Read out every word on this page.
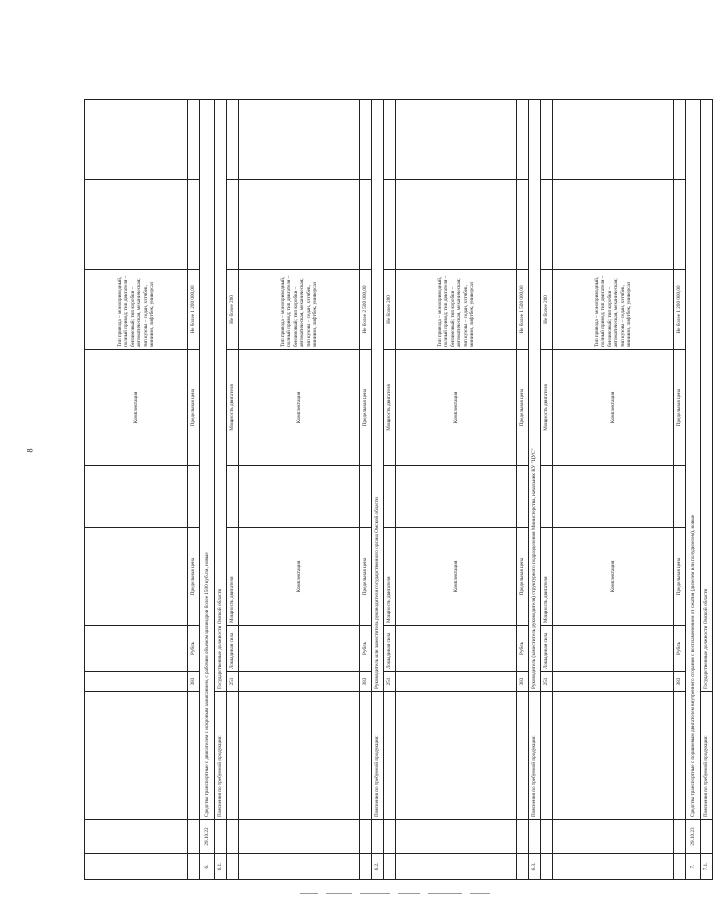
8
							Комплектация	Тип привода – моноприводный, полный привод; тип двигателя – бензиновый; тип коробки – автоматическая, механическая; тип кузова – седан, хэтчбек, минивэн, лифтбек, универсал		
			383	Рубль	Предельная цена		Предельная цена	Не более 1 200 000,00		
6.	29.10.22	Средства транспортные с двигателем с искровым зажиганием, с рабочим объемом цилиндров более 1500 куб.см, новые								
6.1.		Пояснения по требуемой продукции:	Государственные должности Омской области							
			251	Лошадиная сила	Мощность двигателя		Мощность двигателя	Не более 200		
					Комплектация		Комплектация	Тип привода – моноприводный, полный привод; тип двигателя – бензиновый; тип коробки – автоматическая, механическая; тип кузова – седан, хэтчбек, минивэн, лифтбек, универсал		
			383	Рубль	Предельная цена		Предельная цена	Не более 2 500 000,00		
6.2.		Пояснения по требуемой продукции:	Руководитель или заместитель руководителя государственного органа Омской области							
			251	Лошадиная сила	Мощность двигателя		Мощность двигателя	Не более 200		
					Комплектация		Комплектация	Тип привода – моноприводный, полный привод; тип двигателя – бензиновый; тип коробки – автоматическая, механическая; тип кузова – седан, хэтчбек, минивэн, лифтбек, универсал		
			383	Рубль	Предельная цена		Предельная цена	Не более 1 500 000,00		
6.3.		Пояснения по требуемой продукции:	Руководитель (заместитель руководителя) структурного подразделения Министерства, начальник КУ "ЦУС"							
			251	Лошадиная сила	Мощность двигателя		Мощность двигателя	Не более 200		
					Комплектация		Комплектация	Тип привода – моноприводный, полный привод; тип двигателя – бензиновый; тип коробки – автоматическая, механическая; тип кузова – седан, хэтчбек, минивэн, лифтбек, универсал		
			383	Рубль	Предельная цена		Предельная цена	Не более 1 200 000,00		
7.	29.10.23	Средства транспортные с поршневым двигателем внутреннего сгорания с воспламенением от сжатия (дизелем или полудизелем), новые								
7.1.		Пояснения по требуемой продукции:	Государственные должности Омской области							
